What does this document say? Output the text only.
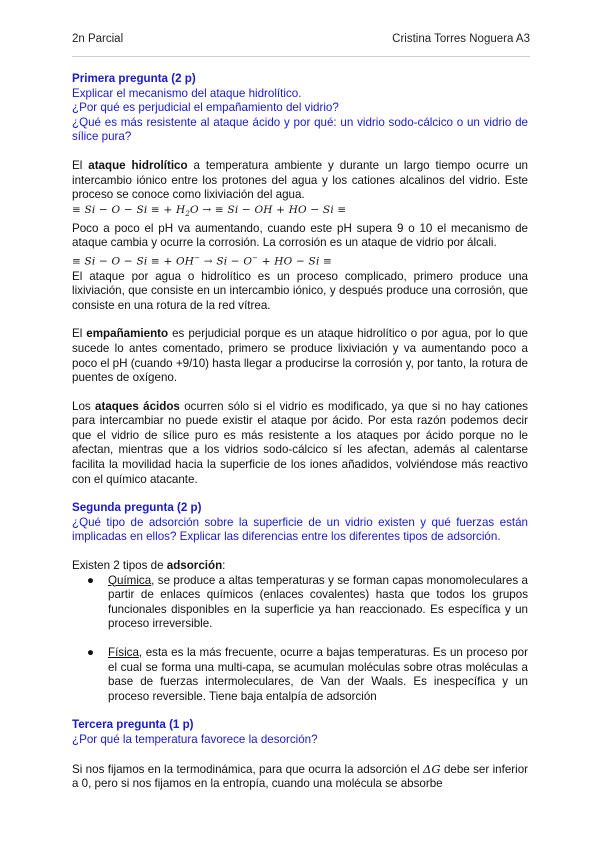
2n Parcial	Cristina Torres Noguera A3

Primera pregunta (2 p)

Explicar el mecanismo del ataque hidrolítico.

¿Por qué es perjudicial el empañamiento del vidrio?

¿Qué es más resistente al ataque ácido y por qué: un vidrio sodo-cálcico o un vidrio de sílice pura?

El ataque hidrolítico a temperatura ambiente y durante un largo tiempo ocurre un intercambio iónico entre los protones del agua y los cationes alcalinos del vidrio. Este proceso se conoce como lixiviación del agua.

≡ Si − O − Si ≡ + $H_2O$ → ≡ Si − OH + HO − Si ≡

Poco a poco el pH va aumentando, cuando este pH supera 9 o 10 el mecanismo de ataque cambia y ocurre la corrosión. La corrosión es un ataque de vidrio por álcali.

≡ Si − O − Si ≡ + OH− → Si − O− + HO − Si ≡

El ataque por agua o hidrolítico es un proceso complicado, primero produce una lixiviación, que consiste en un intercambio iónico, y después produce una corrosión, que consiste en una rotura de la red vítrea.

El empañamiento es perjudicial porque es un ataque hidrolítico o por agua, por lo que sucede lo antes comentado, primero se produce lixiviación y va aumentando poco a poco el pH (cuando +9/10) hasta llegar a producirse la corrosión y, por tanto, la rotura de puentes de oxígeno.

Los ataques ácidos ocurren sólo si el vidrio es modificado, ya que si no hay cationes para intercambiar no puede existir el ataque por ácido. Por esta razón podemos decir que el vidrio de sílice puro es más resistente a los ataques por ácido porque no le afectan, mientras que a los vidrios sodo-cálcico sí les afectan, además al calentarse facilita la movilidad hacia la superficie de los iones añadidos, volviéndose más reactivo con el químico atacante.

Segunda pregunta (2 p)

¿Qué tipo de adsorción sobre la superficie de un vidrio existen y qué fuerzas están implicadas en ellos? Explicar las diferencias entre los diferentes tipos de adsorción.

Existen 2 tipos de adsorción:

● Química, se produce a altas temperaturas y se forman capas monomoleculares a partir de enlaces químicos (enlaces covalentes) hasta que todos los grupos funcionales disponibles en la superficie ya han reaccionado. Es específica y un proceso irreversible.
● Física, esta es la más frecuente, ocurre a bajas temperaturas. Es un proceso por el cual se forma una multi-capa, se acumulan moléculas sobre otras moléculas a base de fuerzas intermoleculares, de Van der Waals. Es inespecífica y un proceso reversible. Tiene baja entalpía de adsorción

Tercera pregunta (1 p)

¿Por qué la temperatura favorece la desorción?

Si nos fijamos en la termodinámica, para que ocurra la adsorción el ΔG debe ser inferior a 0, pero si nos fijamos en la entropía, cuando una molécula se absorbe
